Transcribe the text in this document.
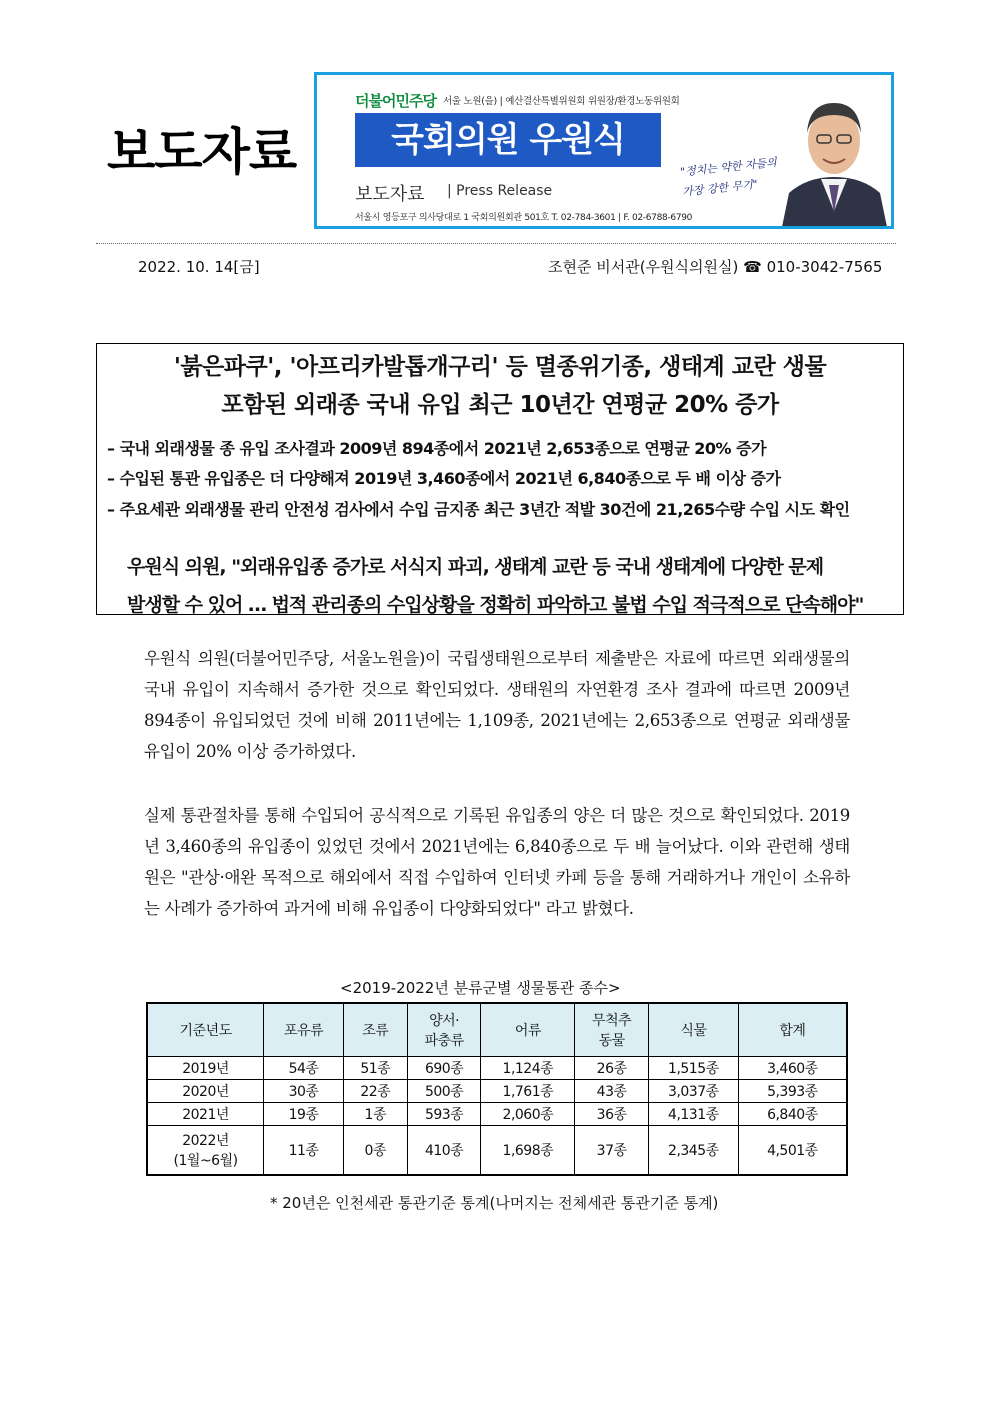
보도자료
더불어민주당 서울 노원(을) | 예산결산특별위원회 위원장/환경노동위원회
국회의원 우원식
보도자료 | Press Release
서울시 영등포구 의사당대로 1 국회의원회관 501호 T. 02-784-3601 | F. 02-6788-6790
"정치는 약한 자들의
가장 강한 무기"
2022. 10. 14[금]	조현준 비서관(우원식의원실) ☎ 010-3042-7565
'붉은파쿠', '아프리카발톱개구리' 등 멸종위기종, 생태계 교란 생물
포함된 외래종 국내 유입 최근 10년간 연평균 20% 증가
– 국내 외래생물 종 유입 조사결과 2009년 894종에서 2021년 2,653종으로 연평균 20% 증가
– 수입된 통관 유입종은 더 다양해져 2019년 3,460종에서 2021년 6,840종으로 두 배 이상 증가
– 주요세관 외래생물 관리 안전성 검사에서 수입 금지종 최근 3년간 적발 30건에 21,265수량 수입 시도 확인
우원식 의원, "외래유입종 증가로 서식지 파괴, 생태계 교란 등 국내 생태계에 다양한 문제
발생할 수 있어 … 법적 관리종의 수입상황을 정확히 파악하고 불법 수입 적극적으로 단속해야"
우원식 의원(더불어민주당, 서울노원을)이 국립생태원으로부터 제출받은 자료에 따르면 외래생물의 국내 유입이 지속해서 증가한 것으로 확인되었다. 생태원의 자연환경 조사 결과에 따르면 2009년 894종이 유입되었던 것에 비해 2011년에는 1,109종, 2021년에는 2,653종으로 연평균 외래생물 유입이 20% 이상 증가하였다.
실제 통관절차를 통해 수입되어 공식적으로 기록된 유입종의 양은 더 많은 것으로 확인되었다. 2019년 3,460종의 유입종이 있었던 것에서 2021년에는 6,840종으로 두 배 늘어났다. 이와 관련해 생태원은 "관상·애완 목적으로 해외에서 직접 수입하여 인터넷 카페 등을 통해 거래하거나 개인이 소유하는 사례가 증가하여 과거에 비해 유입종이 다양화되었다" 라고 밝혔다.
<2019-2022년 분류군별 생물통관 종수>
기준년도	포유류	조류	양서·
파충류	어류	무척추
동물	식물	합계
2019년	54종	51종	690종	1,124종	26종	1,515종	3,460종
2020년	30종	22종	500종	1,761종	43종	3,037종	5,393종
2021년	19종	1종	593종	2,060종	36종	4,131종	6,840종
2022년
(1월~6월)	11종	0종	410종	1,698종	37종	2,345종	4,501종
* 20년은 인천세관 통관기준 통계(나머지는 전체세관 통관기준 통계)
